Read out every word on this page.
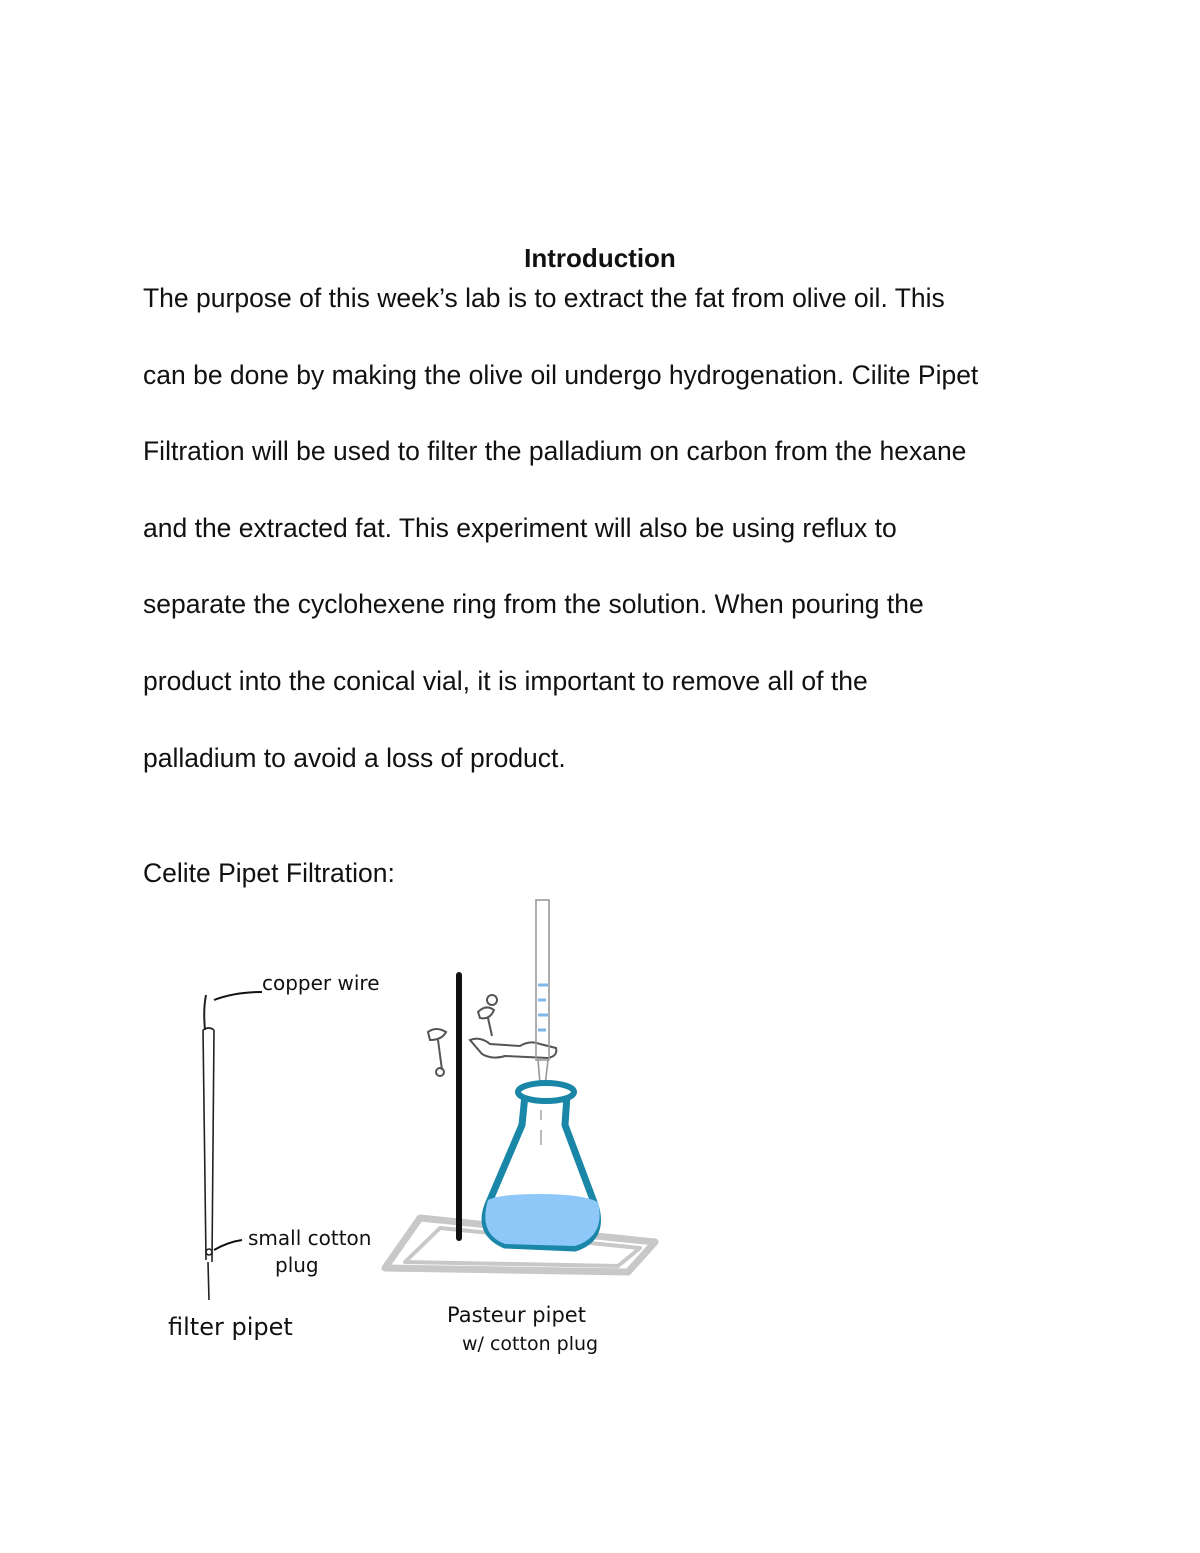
Introduction
The purpose of this week’s lab is to extract the fat from olive oil. This
can be done by making the olive oil undergo hydrogenation. Cilite Pipet
Filtration will be used to filter the palladium on carbon from the hexane
and the extracted fat. This experiment will also be using reflux to
separate the cyclohexene ring from the solution. When pouring the
product into the conical vial, it is important to remove all of the
palladium to avoid a loss of product.
Celite Pipet Filtration:
copper wire
small cotton
plug
filter pipet	Pasteur pipet
w/ cotton plug
